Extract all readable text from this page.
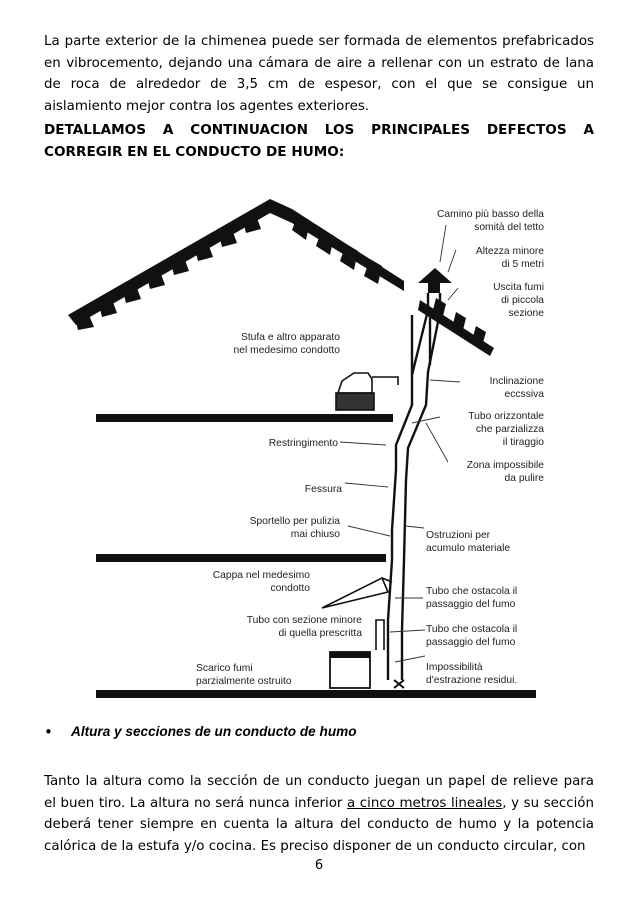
La parte exterior de la chimenea puede ser formada de elementos prefabricados en vibrocemento, dejando una cámara de aire a rellenar con un estrato de lana de roca de alrededor de 3,5 cm de espesor, con el que se consigue un aislamiento mejor contra los agentes exteriores.

DETALLAMOS A CONTINUACION LOS PRINCIPALES DEFECTOS A CORREGIR EN EL CONDUCTO DE HUMO:

Camino più basso della
somità del tetto
Altezza minore
di 5 metri
Uscita fumi
di piccola
sezione
Stufa e altro apparato
nel medesimo condotto
Inclinazione
eccssiva
Tubo orizzontale
che parzializza
il tiraggio
Restringimento
Zona impossibile
da pulire
Fessura
Sportello per pulizia
mai chiuso	Ostruzioni per
acumulo materiale
Cappa nel medesimo
condotto	Tubo che ostacola il
passaggio del fumo
Tubo con sezione minore
di quella prescritta	Tubo che ostacola il
passaggio del fumo
Scarico fumi
parzialmente ostruito
Impossibilità
d'estrazione residui.
• Altura y secciones de un conducto de humo

Tanto la altura como la sección de un conducto juegan un papel de relieve para el buen tiro. La altura no será nunca inferior a cinco metros lineales, y su sección deberá tener siempre en cuenta la altura del conducto de humo y la potencia calórica de la estufa y/o cocina. Es preciso disponer de un conducto circular, con

6
